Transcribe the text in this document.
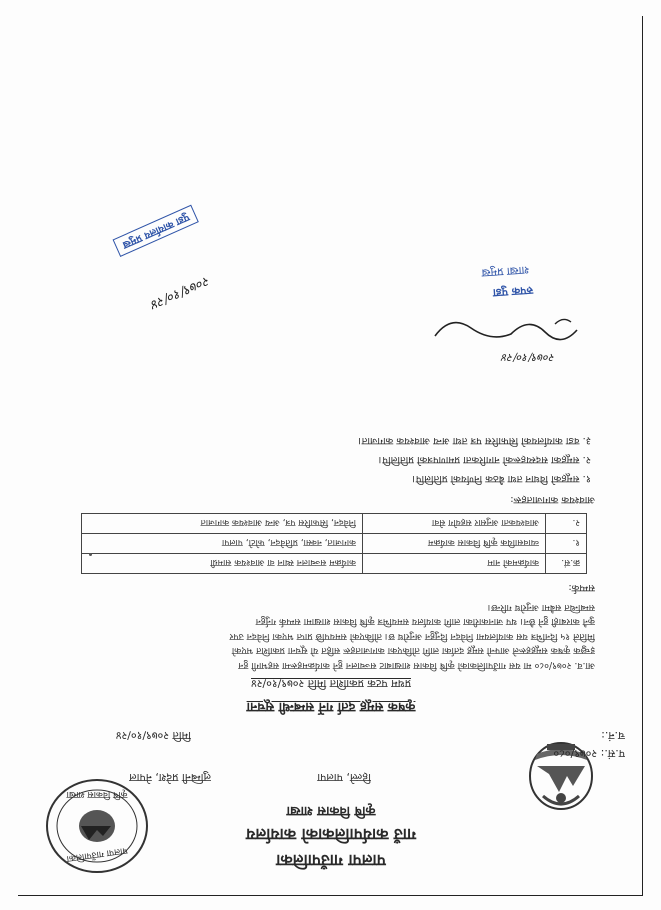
पालपा गाउँपालिका
गाउँ कार्यपालिकाको कार्यालय
कृषि विकास शाखा
हिल्ले, पालपा
लुम्बिनी प्रदेश, नेपाल
पालपा गाउँपालिका
कृषि विकास शाखा
प.सं.: २०७९/०८०
च.नं.:
मिति २०७९/१०/२४
कृषक समूह दर्ता गर्ने सम्बन्धी सूचना
प्रथम पटक प्रकाशित मिति २०७९/१०/२४
आ.व. २०७९/०८० मा यस गाउँपालिकाको कृषि विकास शाखाबाट सञ्चालन हुने कार्यक्रमहरूमा सहभागी हुन
इच्छुक कृषक समूहहरूले आफ्नो समूह दर्ताका लागि तोकिएका कागजातहरू सहित यो सूचना प्रकाशित भएको
मितिले १५ दिनभित्र यस कार्यालयमा निवेदन दिनुहुन अनुरोध छ। तोकिएको समयपछि प्राप्त भएका निवेदन उपर
कुनै कारबाही हुने छैन। थप जानकारीका लागि कार्यालय समयभित्र कृषि विकास शाखामा सम्पर्क गर्नुहुन
सम्बन्धित सबैमा अनुरोध गरिन्छ।
सम्पर्क:
क्र.सं.	कार्यक्रमको नाम	कार्यक्रम सञ्चालन स्थान वा आवश्यक सामग्री
१.	व्यावसायिक कृषि विकास कार्यक्रम	कागजात, नक्सा, प्रतिवेदन, फोटो, पालपा
२.	आवश्यकता अनुसार सहयोग सेवा	निवेदन, सिफारिस पत्र, अन्य आवश्यक कागजात
आवश्यक कागजातहरू:
१. समूहको विधान तथा बैठक निर्णयको प्रतिलिपि।
२. समूहका सदस्यहरूको नागरिकता प्रमाणपत्रको प्रतिलिपि।
३. वडा कार्यालयको सिफारिस पत्र तथा अन्य आवश्यक कागजात।
२०७९/१०/२४
रुपक पुडा
शाखा प्रमुख
पुडा कार्यालय प्रमुख
२०७९/१०/२४
